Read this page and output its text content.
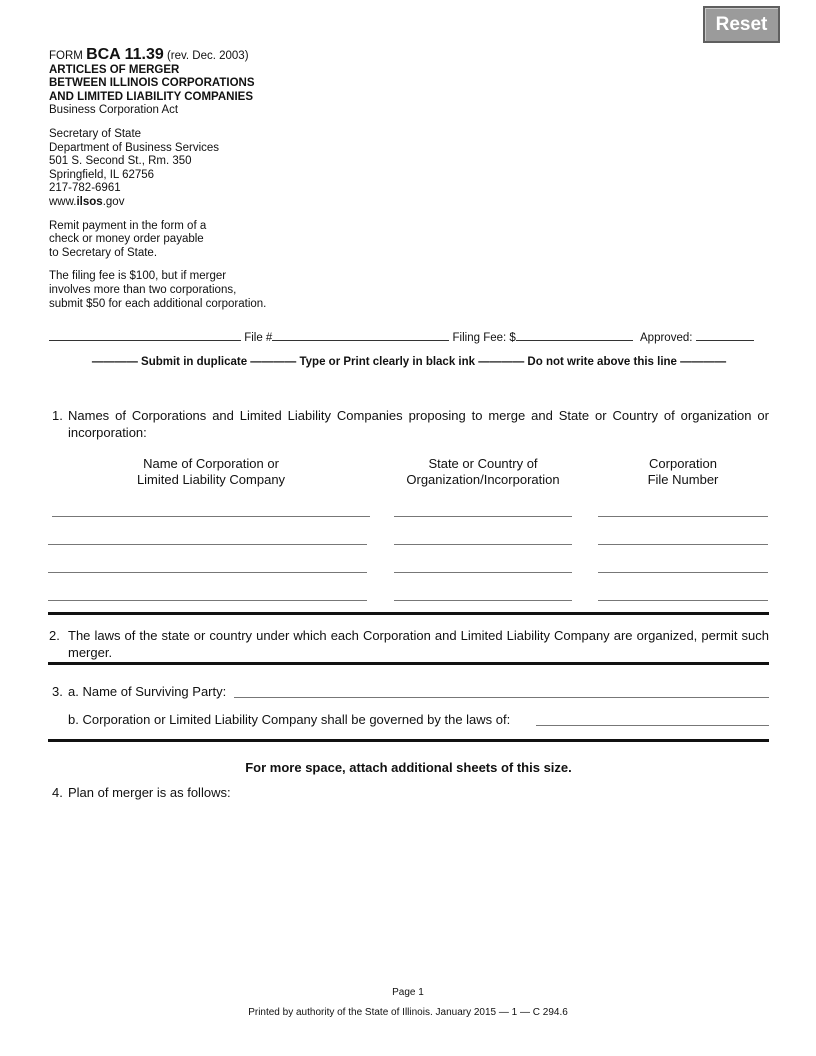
Reset
FORM BCA 11.39 (rev. Dec. 2003)
ARTICLES OF MERGER
BETWEEN ILLINOIS CORPORATIONS
AND LIMITED LIABILITY COMPANIES
Business Corporation Act
Secretary of State
Department of Business Services
501 S. Second St., Rm. 350
Springfield, IL 62756
217-782-6961
www.ilsos.gov
Remit payment in the form of a
check or money order payable
to Secretary of State.
The filing fee is $100, but if merger
involves more than two corporations,
submit $50 for each additional corporation.
File #	Filing Fee: $	Approved:
———— Submit in duplicate ———— Type or Print clearly in black ink ———— Do not write above this line ————
1. Names of Corporations and Limited Liability Companies proposing to merge and State or Country of organization or incorporation:
Name of Corporation or
Limited Liability Company
State or Country of
Organization/Incorporation
Corporation
File Number
2. The laws of the state or country under which each Corporation and Limited Liability Company are organized, permit such merger.
3. a. Name of Surviving Party:
b. Corporation or Limited Liability Company shall be governed by the laws of:
For more space, attach additional sheets of this size.
4. Plan of merger is as follows:
Page 1
Printed by authority of the State of Illinois. January 2015 — 1 — C 294.6
